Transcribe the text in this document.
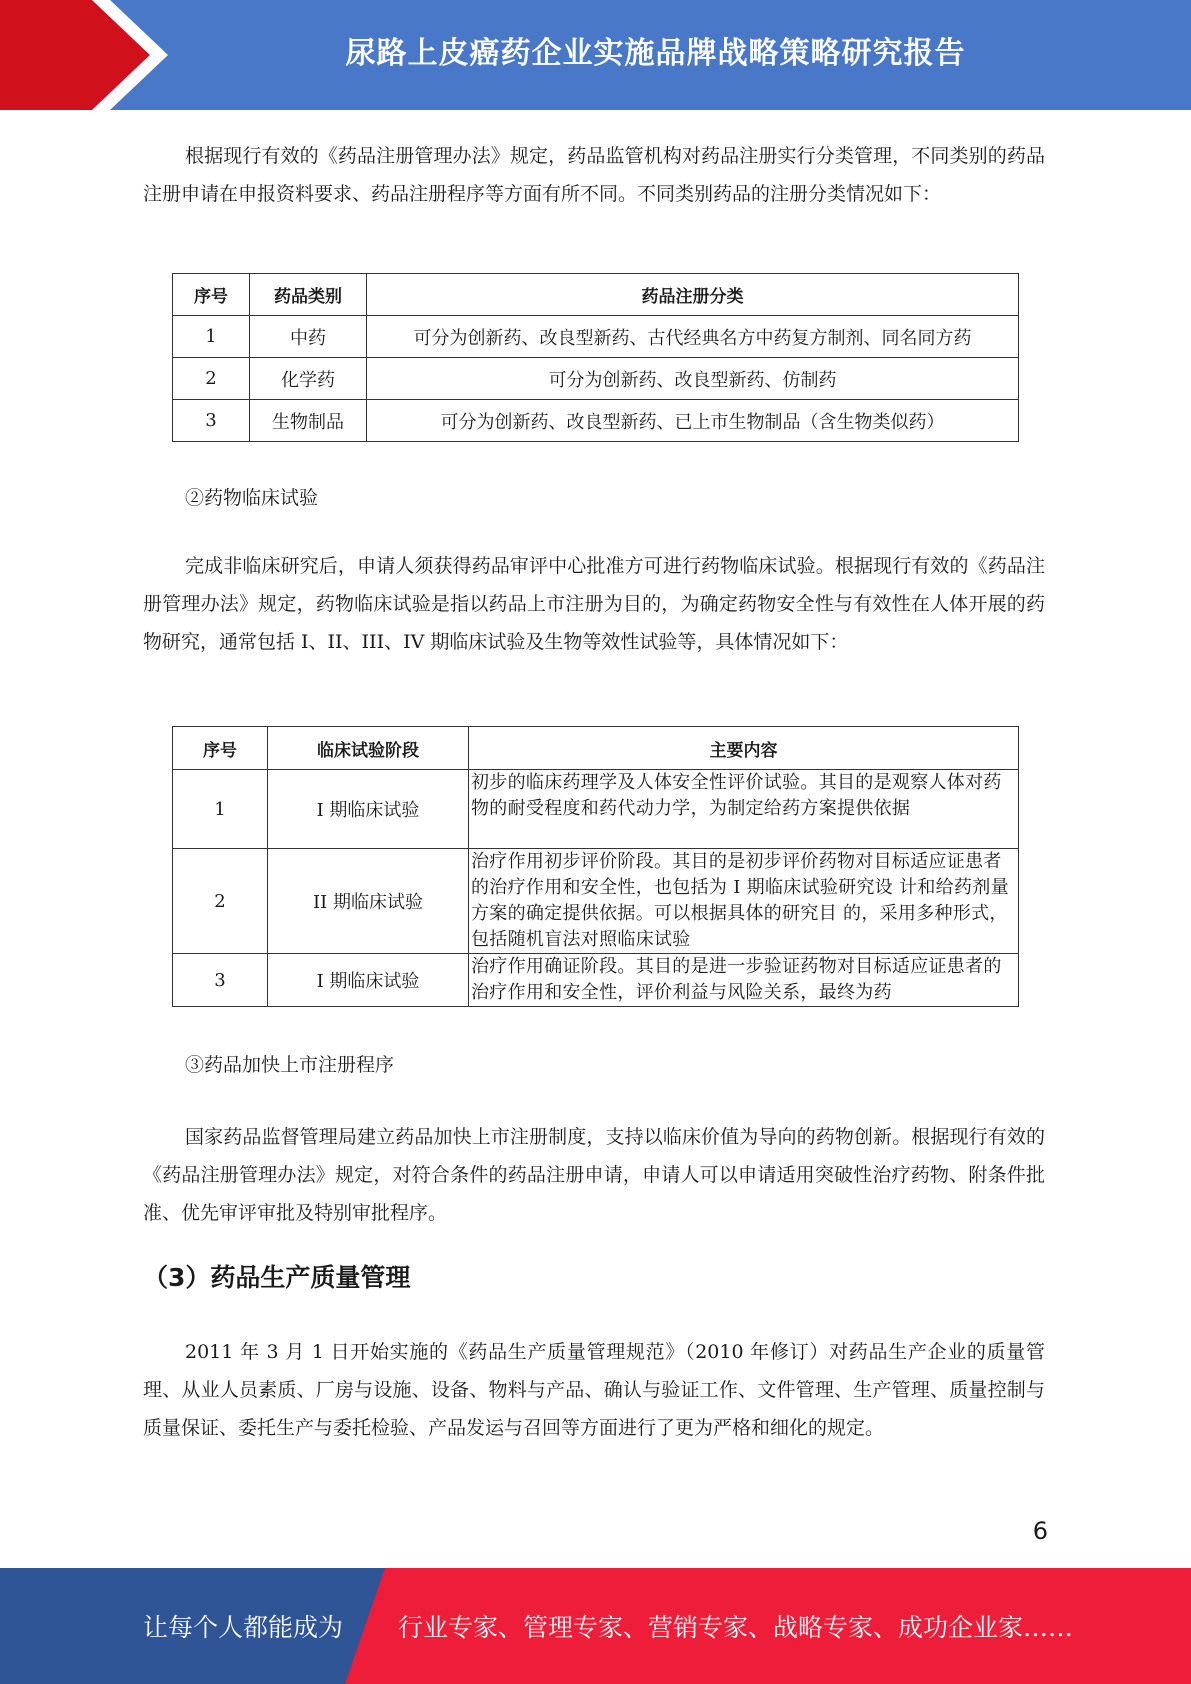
尿路上皮癌药企业实施品牌战略策略研究报告

根据现行有效的《药品注册管理办法》规定，药品监管机构对药品注册实行分类管理，不同类别的药品注册申请在申报资料要求、药品注册程序等方面有所不同。不同类别药品的注册分类情况如下：

序号	药品类别	药品注册分类
1	中药	可分为创新药、改良型新药、古代经典名方中药复方制剂、同名同方药
2	化学药	可分为创新药、改良型新药、仿制药
3	生物制品	可分为创新药、改良型新药、已上市生物制品（含生物类似药）

②药物临床试验

完成非临床研究后，申请人须获得药品审评中心批准方可进行药物临床试验。根据现行有效的《药品注册管理办法》规定，药物临床试验是指以药品上市注册为目的，为确定药物安全性与有效性在人体开展的药物研究，通常包括 I、II、III、IV 期临床试验及生物等效性试验等，具体情况如下：

序号	临床试验阶段	主要内容
1	I 期临床试验	初步的临床药理学及人体安全性评价试验。其目的是观察人体对药物的耐受程度和药代动力学，为制定给药方案提供依据
2	II 期临床试验	治疗作用初步评价阶段。其目的是初步评价药物对目标适应证患者的治疗作用和安全性，也包括为 I 期临床试验研究设 计和给药剂量方案的确定提供依据。可以根据具体的研究目 的，采用多种形式，包括随机盲法对照临床试验
3	I 期临床试验	治疗作用确证阶段。其目的是进一步验证药物对目标适应证患者的治疗作用和安全性，评价利益与风险关系，最终为药

③药品加快上市注册程序

国家药品监督管理局建立药品加快上市注册制度，支持以临床价值为导向的药物创新。根据现行有效的《药品注册管理办法》规定，对符合条件的药品注册申请，申请人可以申请适用突破性治疗药物、附条件批准、优先审评审批及特别审批程序。

（3）药品生产质量管理

2011 年 3 月 1 日开始实施的《药品生产质量管理规范》（2010 年修订）对药品生产企业的质量管理、从业人员素质、厂房与设施、设备、物料与产品、确认与验证工作、文件管理、生产管理、质量控制与质量保证、委托生产与委托检验、产品发运与召回等方面进行了更为严格和细化的规定。

6
让每个人都能成为 行业专家、管理专家、营销专家、战略专家、成功企业家……
